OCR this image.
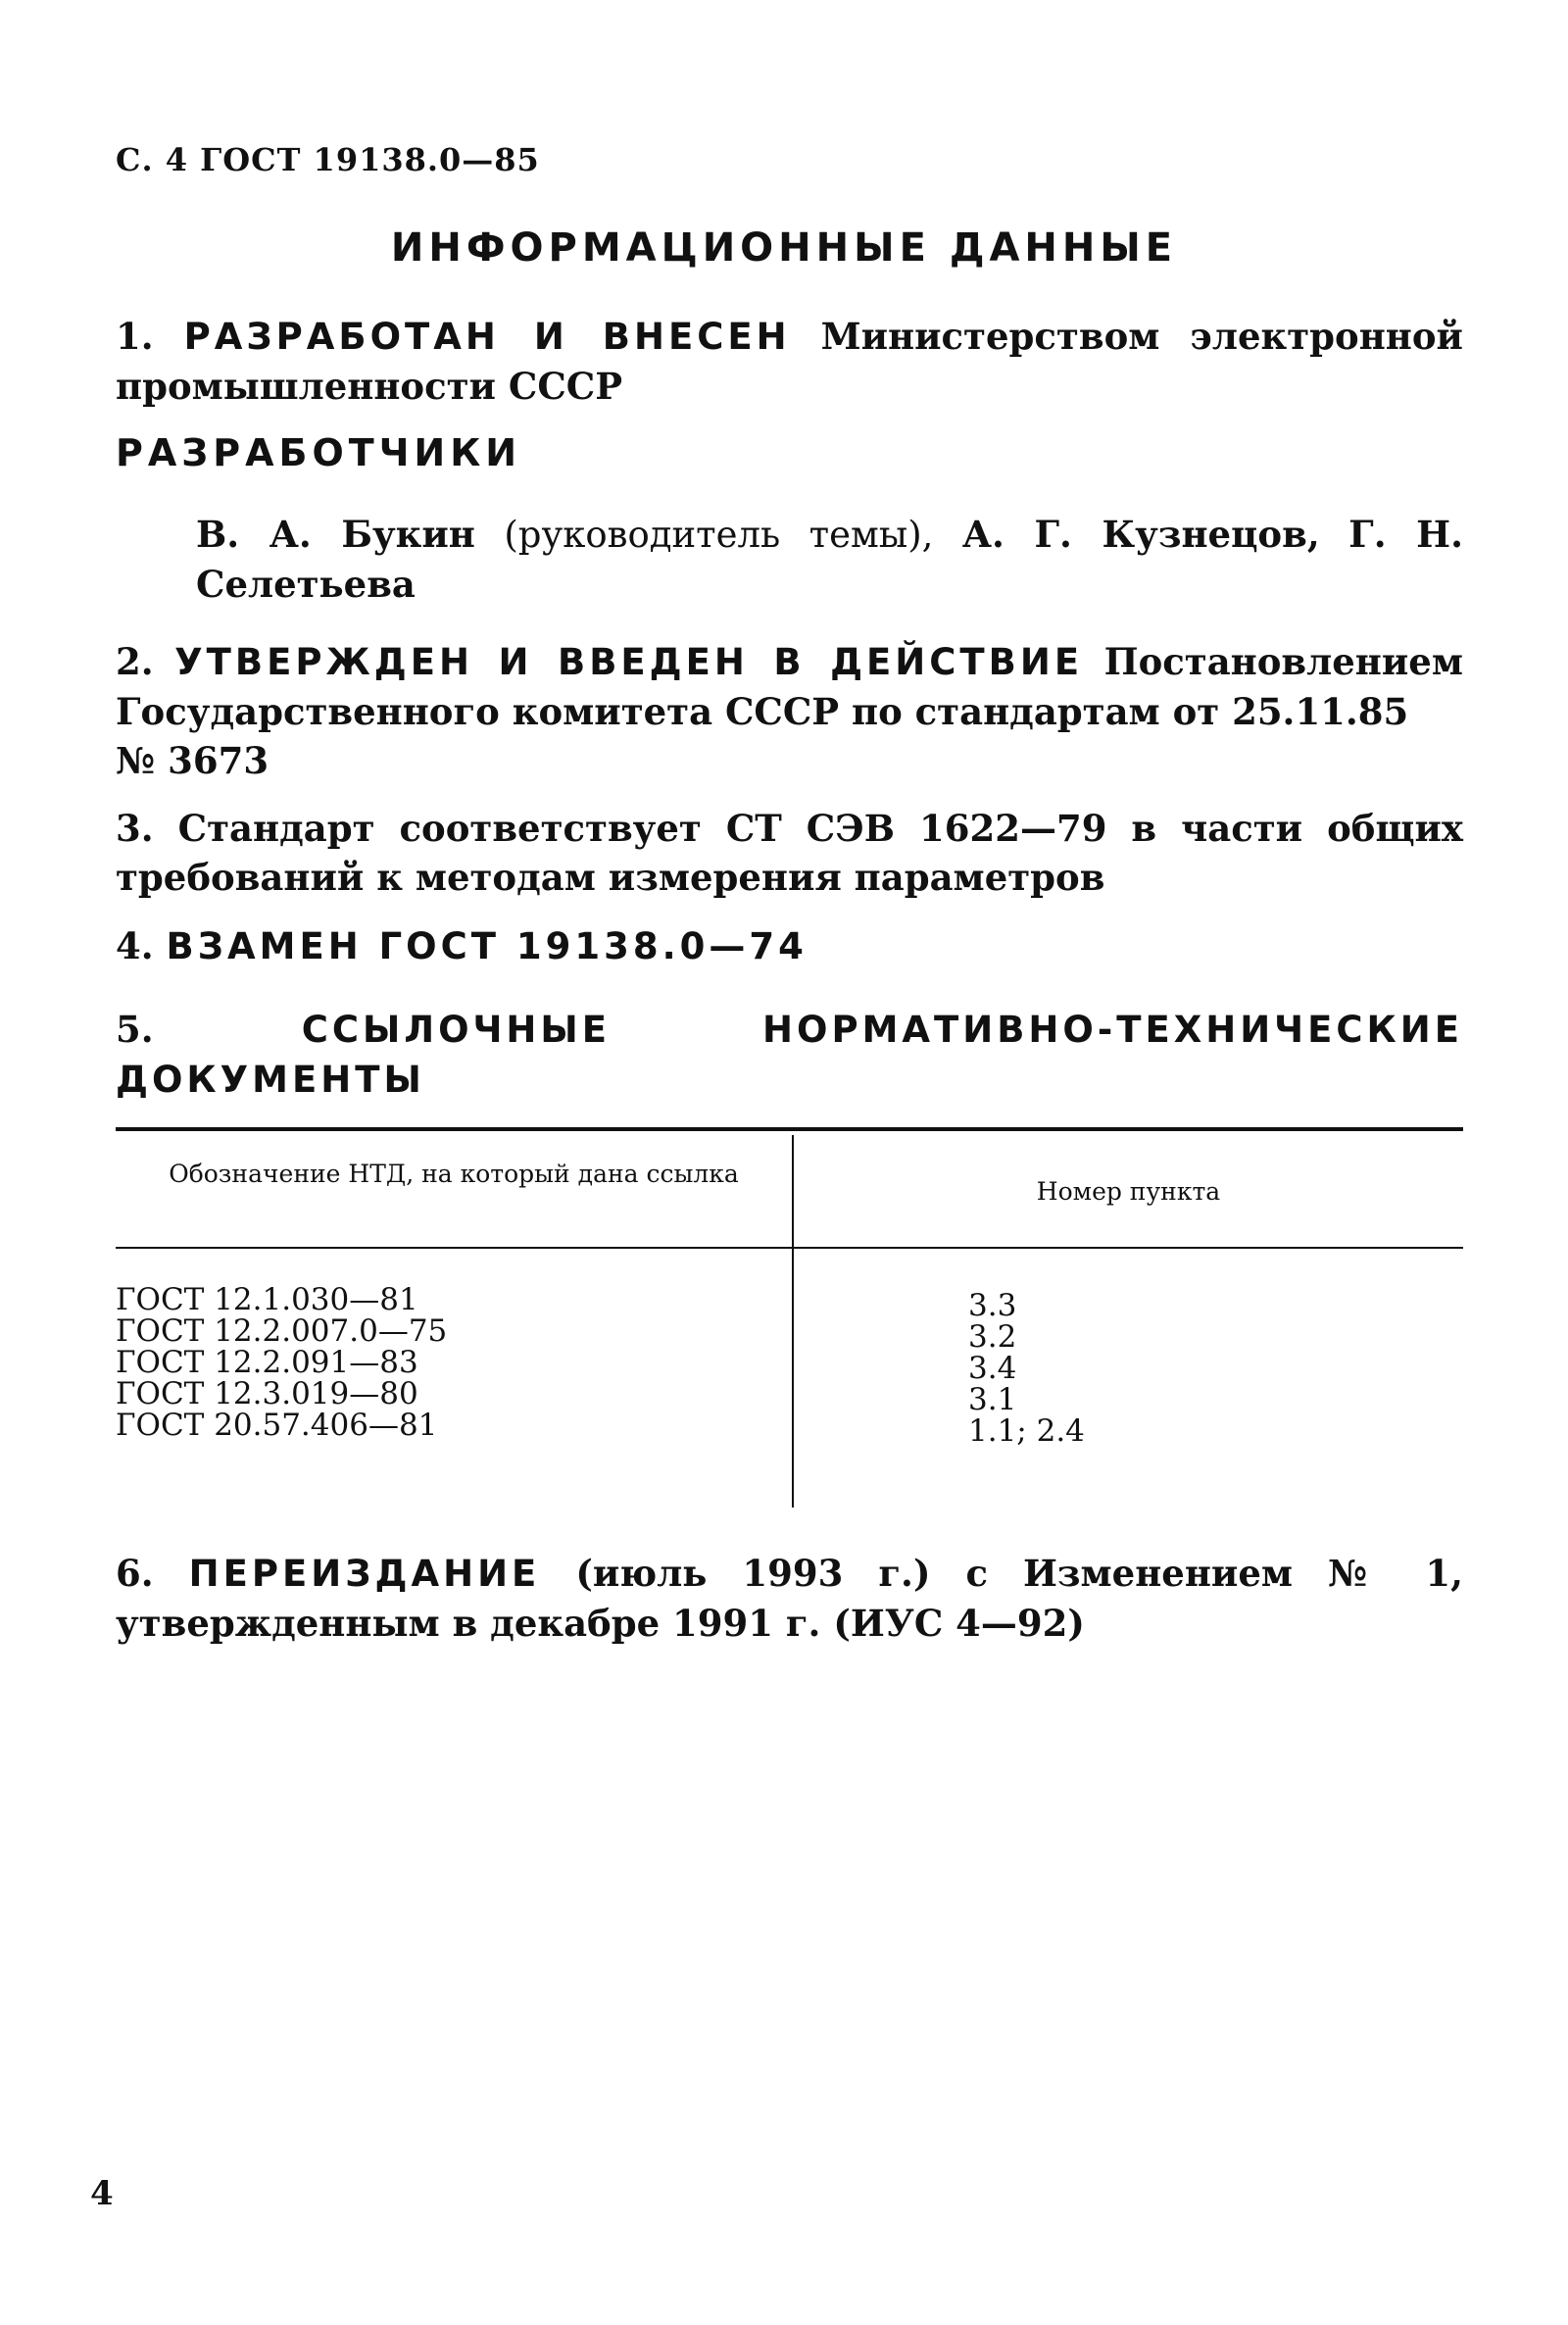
С. 4 ГОСТ 19138.0—85
ИНФОРМАЦИОННЫЕ ДАННЫЕ
1. РАЗРАБОТАН И ВНЕСЕН Министерством электронной промышленности СССР
РАЗРАБОТЧИКИ
В. А. Букин (руководитель темы), А. Г. Кузнецов, Г. Н. Селетьева
2. УТВЕРЖДЕН И ВВЕДЕН В ДЕЙСТВИЕ Постановлением Государственного комитета СССР по стандартам от 25.11.85
№ 3673
3. Стандарт соответствует СТ СЭВ 1622—79 в части общих требований к методам измерения параметров
4. ВЗАМЕН ГОСТ 19138.0—74
5.	ССЫЛОЧНЫЕ НОРМАТИВНО-ТЕХНИЧЕСКИЕ ДОКУМЕНТЫ
Обозначение НТД, на который дана ссылка
Номер пункта
ГОСТ 12.1.030—81
ГОСТ 12.2.007.0—75
ГОСТ 12.2.091—83
ГОСТ 12.3.019—80
ГОСТ 20.57.406—81
3.3
3.2
3.4
3.1
1.1; 2.4
6. ПЕРЕИЗДАНИЕ (июль 1993 г.) с Изменением № 1, утвержденным в декабре 1991 г. (ИУС 4—92)
4
